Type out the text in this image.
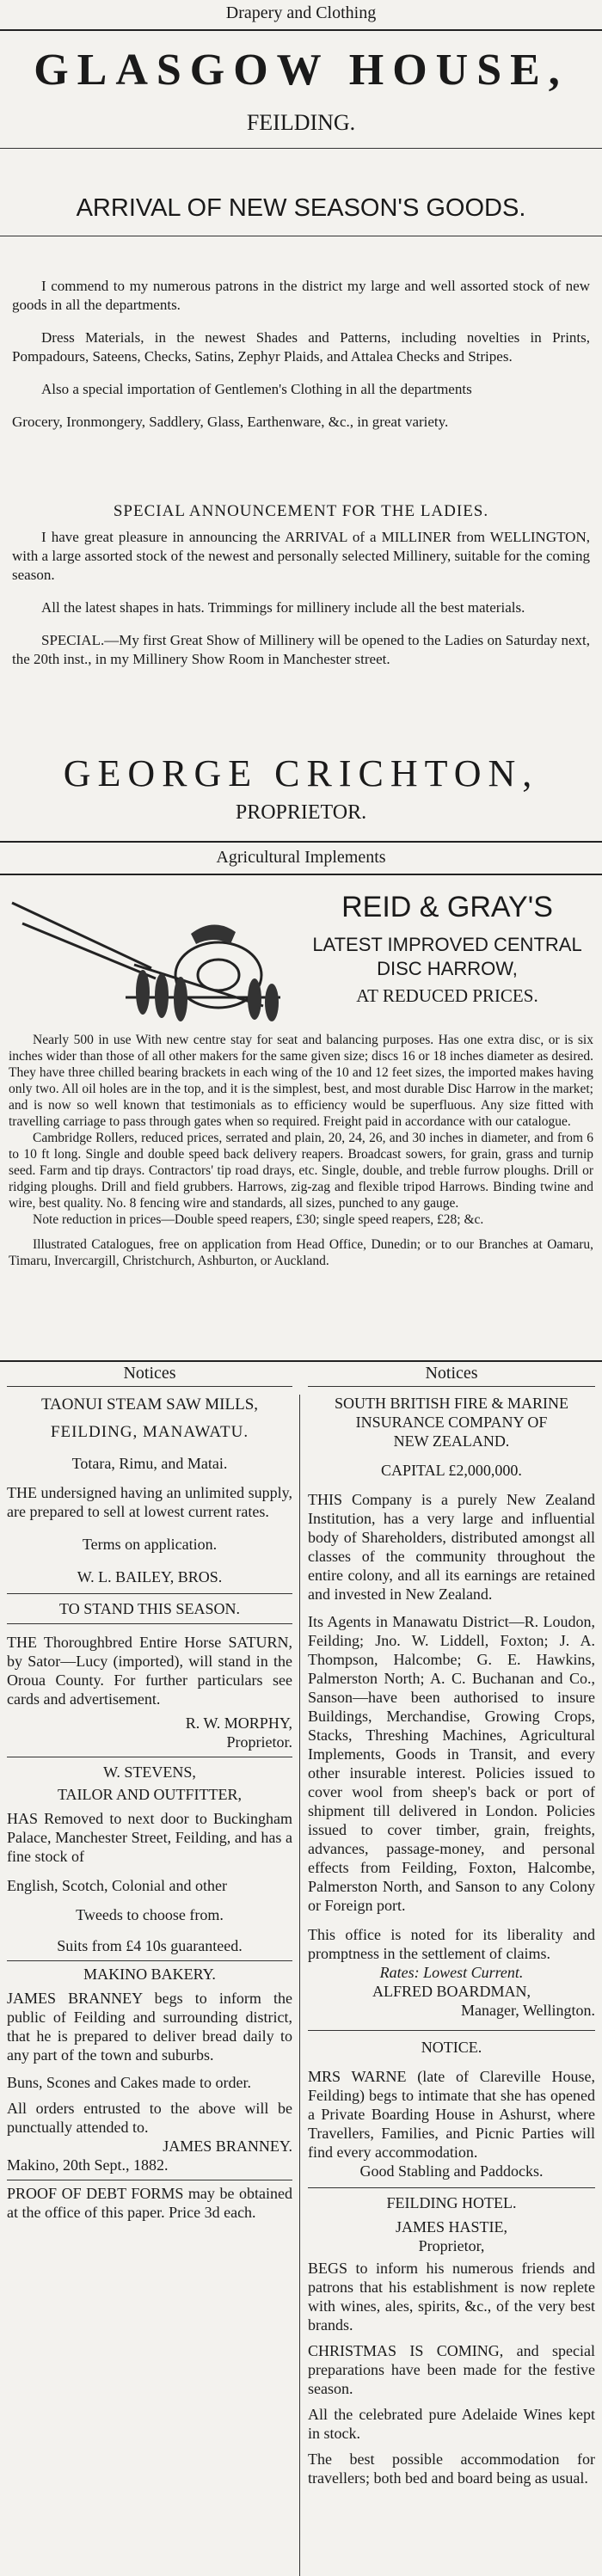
Drapery and Clothing
GLASGOW HOUSE,
FEILDING.
ARRIVAL OF NEW SEASON'S GOODS.

I commend to my numerous patrons in the district my large and well assorted stock of new goods in all the departments.

Dress Materials, in the newest Shades and Patterns, including novelties in Prints, Pompadours, Sateens, Checks, Satins, Zephyr Plaids, and Attalea Checks and Stripes.

Also a special importation of Gentlemen's Clothing in all the departments

Grocery, Ironmongery, Saddlery, Glass, Earthenware, &c., in great variety.

SPECIAL ANNOUNCEMENT FOR THE LADIES.

I have great pleasure in announcing the ARRIVAL of a MILLINER from WELLINGTON, with a large assorted stock of the newest and personally selected Millinery, suitable for the coming season.

All the latest shapes in hats. Trimmings for millinery include all the best materials.

SPECIAL.—My first Great Show of Millinery will be opened to the Ladies on Saturday next, the 20th inst., in my Millinery Show Room in Manchester street.

GEORGE CRICHTON,
PROPRIETOR.
Agricultural Implements
REID & GRAY'S
LATEST IMPROVED CENTRAL
DISC HARROW,
AT REDUCED PRICES.

Nearly 500 in use With new centre stay for seat and balancing purposes. Has one extra disc, or is six inches wider than those of all other makers for the same given size; discs 16 or 18 inches diameter as desired. They have three chilled bearing brackets in each wing of the 10 and 12 feet sizes, the imported makes having only two. All oil holes are in the top, and it is the simplest, best, and most durable Disc Harrow in the market; and is now so well known that testimonials as to efficiency would be superfluous. Any size fitted with travelling carriage to pass through gates when so required. Freight paid in accordance with our catalogue.

Cambridge Rollers, reduced prices, serrated and plain, 20, 24, 26, and 30 inches in diameter, and from 6 to 10 ft long. Single and double speed back delivery reapers. Broadcast sowers, for grain, grass and turnip seed. Farm and tip drays. Contractors' tip road drays, etc. Single, double, and treble furrow ploughs. Drill or ridging ploughs. Drill and field grubbers. Harrows, zig-zag and flexible tripod Harrows. Binding twine and wire, best quality. No. 8 fencing wire and standards, all sizes, punched to any gauge.

Note reduction in prices—Double speed reapers, £30; single speed reapers, £28; &c.

Illustrated Catalogues, free on application from Head Office, Dunedin; or to our Branches at Oamaru, Timaru, Invercargill, Christchurch, Ashburton, or Auckland.

Notices

TAONUI STEAM SAW MILLS,

FEILDING, MANAWATU.

Totara, Rimu, and Matai.

THE undersigned having an unlimited supply, are prepared to sell at lowest current rates.

Terms on application.

W. L. BAILEY, BROS.

TO STAND THIS SEASON.

THE Thoroughbred Entire Horse SATURN, by Sator—Lucy (imported), will stand in the Oroua County. For further particulars see cards and advertisement.

R. W. MORPHY,

Proprietor.

W. STEVENS,

TAILOR AND OUTFITTER,

HAS Removed to next door to Buckingham Palace, Manchester Street, Feilding, and has a fine stock of

English, Scotch, Colonial and other

Tweeds to choose from.

Suits from £4 10s guaranteed.

MAKINO BAKERY.

JAMES BRANNEY begs to inform the public of Feilding and surrounding district, that he is prepared to deliver bread daily to any part of the town and suburbs.

Buns, Scones and Cakes made to order.

All orders entrusted to the above will be punctually attended to.

JAMES BRANNEY.

Makino, 20th Sept., 1882.

PROOF OF DEBT FORMS may be obtained at the office of this paper. Price 3d each.

Notices

SOUTH BRITISH FIRE & MARINE

INSURANCE COMPANY OF

NEW ZEALAND.

CAPITAL £2,000,000.

THIS Company is a purely New Zealand Institution, has a very large and influential body of Shareholders, distributed amongst all classes of the community throughout the entire colony, and all its earnings are retained and invested in New Zealand.

Its Agents in Manawatu District—R. Loudon, Feilding; Jno. W. Liddell, Foxton; J. A. Thompson, Halcombe; G. E. Hawkins, Palmerston North; A. C. Buchanan and Co., Sanson—have been authorised to insure Buildings, Merchandise, Growing Crops, Stacks, Threshing Machines, Agricultural Implements, Goods in Transit, and every other insurable interest. Policies issued to cover wool from sheep's back or port of shipment till delivered in London. Policies issued to cover timber, grain, freights, advances, passage-money, and personal effects from Feilding, Foxton, Halcombe, Palmerston North, and Sanson to any Colony or Foreign port.

This office is noted for its liberality and promptness in the settlement of claims.

Rates: Lowest Current.

ALFRED BOARDMAN,

Manager, Wellington.

NOTICE.

MRS WARNE (late of Clareville House, Feilding) begs to intimate that she has opened a Private Boarding House in Ashurst, where Travellers, Families, and Picnic Parties will find every accommodation.

Good Stabling and Paddocks.

FEILDING HOTEL.

JAMES HASTIE,

Proprietor,

BEGS to inform his numerous friends and patrons that his establishment is now replete with wines, ales, spirits, &c., of the very best brands.

CHRISTMAS IS COMING, and special preparations have been made for the festive season.

All the celebrated pure Adelaide Wines kept in stock.

The best possible accommodation for travellers; both bed and board being as usual.
